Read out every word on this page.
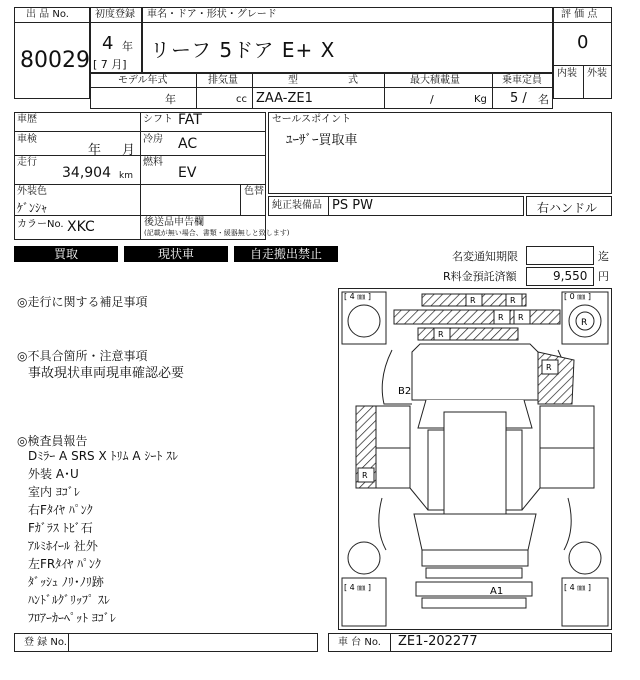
出 品 No.
80029
初度登録
4 年
[ 7 月]
車名・ドア・形状・グレード
リーフ 5ドア E+ X
評 価 点
0
内装 外装
モデル年式
年
排気量
cc
型	式
ZAA-ZE1
最大積載量
/	Kg
乗車定員
5 / 名
車歴	シフト FAT
車検
年 月
冷房 AC
走行
34,904 km
燃料
EV
外装色
ｹﾞﾝｼｬ
色替
カラーNo. XKC	後送品申告欄
(記載が無い場合、書類・緩器無しと致します)
セールスポイント
ﾕｰｻﾞｰ買取車
純正装備品 PS PW	右ハンドル
買取	現状車	自走搬出禁止	名変通知期限	迄
R料金預託済額	9,550 円
◎走行に関する補足事項
◎不具合箇所・注意事項
事故現状車両現車確認必要
◎検査員報告
Dﾐﾗｰ A SRS X ﾄﾘﾑ A ｼｰﾄ ｽﾚ
外装 A･U
室内 ﾖｺﾞﾚ
右Fﾀｲﾔ ﾊﾟﾝｸ
Fｶﾞﾗｽ ﾄﾋﾞ石
ｱﾙﾐﾎｲｰﾙ 社外
左FRﾀｲﾔ ﾊﾟﾝｸ
ﾀﾞｯｼｭ ﾉﾘ･ﾉﾘ跡
ﾊﾝﾄﾞﾙｸﾞﾘｯﾌﾟ ｽﾚ
ﾌﾛｱｰｶｰﾍﾟｯﾄ ﾖｺﾞﾚ
[ 4 ㎜ ]	[ 0 ㎜ ]
R
[ 4 ㎜ ]	[ 4 ㎜ ]
R	R
R R
R
R
B2
R
A1
登 録 No.	車 台 No. ZE1-202277
